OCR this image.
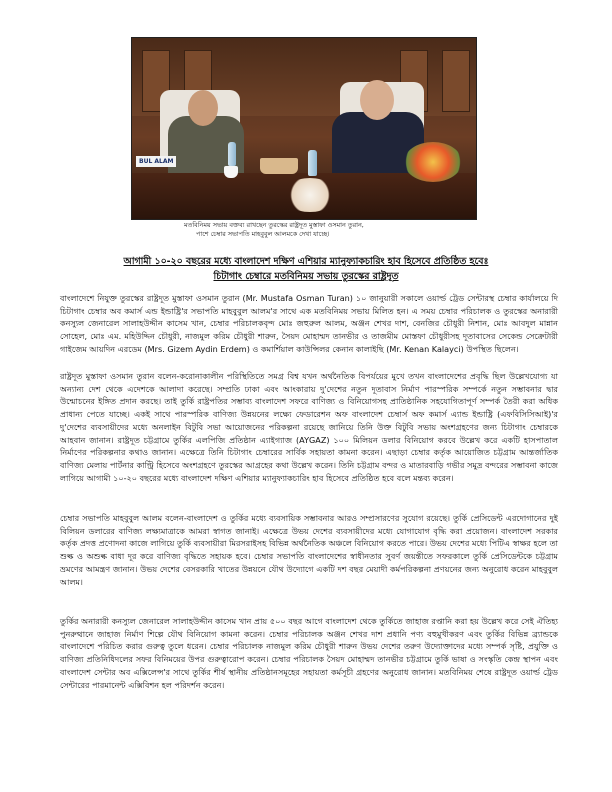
BUL ALAM
মতবিনিময় সভায় বক্তব্য রাখছেন তুরস্কের রাষ্ট্রদূত মুস্তাফা ওসমান তুরান,
পাশে চেম্বার সভাপতি মাহবুবুল আলমকে দেখা যাচ্ছে।
আগামী ১০-২০ বছরের মধ্যে বাংলাদেশ দক্ষিণ এশিয়ার ম্যানুফ্যাকচারিং হাব হিসেবে প্রতিষ্ঠিত হবেঃ
চিটাগাং চেম্বারে মতবিনিময় সভায় তুরস্কের রাষ্ট্রদূত
বাংলাদেশে নিযুক্ত তুরস্কের রাষ্ট্রদূত মুস্তাফা ওসমান তুরান (Mr. Mustafa Osman Turan) ১০ জানুয়ারী সকালে ওয়ার্ল্ড ট্রেড সেন্টারস্থ চেম্বার কার্যালয়ে দি চিটাগাং চেম্বার অব কমার্স এন্ড ইন্ডাষ্ট্রি'র সভাপতি মাহবুবুল আলম'র সাথে এক মতবিনিময় সভায় মিলিত হন। এ সময় চেম্বার পরিচালক ও তুরস্কের অনারারী কনস্যুল জেনারেল সালাহউদ্দীন কাসেম খান, চেম্বার পরিচালকবৃন্দ মোঃ জহুরুল আলম, অঞ্জন শেখর দাশ, বেনজির চৌধুরী নিশান, মোঃ আবদুল মান্নান সোহেল, মোঃ এম. মহিউদ্দিন চৌধুরী, নাজমুল করিম চৌধুরী শারুন, সৈয়দ মোহাম্মদ তানভীর ও তাজমীম মোস্তফা চৌধুরীসহ দূতাবাসের সেকেন্ড সেক্রেটারী গাইজেম আয়দিন এরডেম (Mrs. Gizem Aydin Erdem) ও কমার্শিয়াল কাউন্সিলর কেনান কালাইছি (Mr. Kenan Kalayci) উপস্থিত ছিলেন।
রাষ্ট্রদূত মুস্তাফা ওসমান তুরান বলেন-করোনাকালীন পরিস্থিতিতে সমগ্র বিশ্ব যখন অর্থনৈতিক বিপর্যয়ের মুখে তখন বাংলাদেশের প্রবৃদ্ধি ছিল উল্লেখযোগ্য যা অন্যান্য দেশ থেকে এদেশকে আলাদা করেছে। সম্প্রতি ঢাকা এবং আংকারায় দু'দেশের নতুন দূতাবাস নির্মাণ পারস্পরিক সম্পর্কে নতুন সম্ভাবনার দ্বার উন্মোচনের ইঙ্গিত প্রদান করছে। তাই তুর্কি রাষ্ট্রপতির সম্ভাব্য বাংলাদেশ সফরে বাণিজ্য ও বিনিয়োগসহ প্রাতিষ্ঠানিক সহযোগিতাপূর্ণ সম্পর্ক তৈরী করা অধিক প্রাধান্য পেতে যাচ্ছে। একই সাথে পারস্পরিক বাণিজ্য উন্নয়নের লক্ষ্যে ফেডারেশন অফ বাংলাদেশ চেম্বার্স অফ কমার্স এ্যান্ড ইন্ডাষ্ট্রি (এফবিসিসিআই)'র দু'দেশের ব্যবসায়ীদের মধ্যে অনলাইন বিটুবি সভা আয়োজনের পরিকল্পনা রয়েছে জানিয়ে তিনি উক্ত বিটুবি সভায় অংশগ্রহণের জন্য চিটাগাং চেম্বারকে আহবান জানান। রাষ্ট্রদূত চট্টগ্রামে তুর্কির এলপিজি প্রতিষ্ঠান এ্যাইগ্যাজ (AYGAZ) ১০০ মিলিয়ন ডলার বিনিয়োগ করবে উল্লেখ করে একটি হাসপাতাল নির্মাণের পরিকল্পনার কথাও জানান। এক্ষেত্রে তিনি চিটাগাং চেম্বারের সার্বিক সহায়তা কামনা করেন। এছাড়া চেম্বার কর্তৃক আয়োজিত চট্টগ্রাম আন্তর্জাতিক বাণিজ্য মেলায় পার্টনার কান্ট্রি হিসেবে অংশগ্রহণে তুরস্কের আগ্রহের কথা উল্লেখ করেন। তিনি চট্টগ্রাম বন্দর ও মাতারবাড়ি গভীর সমুদ্র বন্দরের সম্ভাবনা কাজে লাগিয়ে আগামী ১০-২০ বছরের মধ্যে বাংলাদেশ দক্ষিণ এশিয়ার ম্যানুফ্যাকচারিং হাব হিসেবে প্রতিষ্ঠিত হবে বলে মন্তব্য করেন।
চেম্বার সভাপতি মাহবুবুল আলম বলেন-বাংলাদেশ ও তুর্কির মধ্যে ব্যবসায়িক সম্ভাবনার আরও সম্প্রসারণের সুযোগ রয়েছে। তুর্কি প্রেসিডেন্ট এরদোগানের দুই বিলিয়ন ডলারের বাণিজ্য লক্ষ্যমাত্রাকে আমরা স্বাগত জানাই। এক্ষেত্রে উভয় দেশের ব্যবসায়ীদের মধ্যে যোগাযোগ বৃদ্ধি করা প্রয়োজন। বাংলাদেশ সরকার কর্তৃক প্রদত্ত প্রণোদনা কাজে লাগিয়ে তুর্কি ব্যবসায়ীরা মিরসরাইসহ বিভিন্ন অর্থনৈতিক অঞ্চলে বিনিয়োগ করতে পারে। উভয় দেশের মধ্যে পিটিএ স্বাক্ষর হলে তা শুল্ক ও অশুল্ক বাধা দূর করে বাণিজ্য বৃদ্ধিতে সহায়ক হবে। চেম্বার সভাপতি বাংলাদেশের স্বাধীনতার সুবর্ণ জয়ন্তীতে সফরকালে তুর্কি প্রেসিডেন্টকে চট্টগ্রাম ভ্রমণের আমন্ত্রণ জানান। উভয় দেশের বেসরকারি খাতের উন্নয়নে যৌথ উদ্যোগে একটি দশ বছর মেয়াদী কর্মপরিকল্পনা প্রণয়নের জন্য অনুরোধ করেন মাহবুবুল আলম।
তুর্কির অনারারী কনস্যুল জেনারেল সালাহউদ্দীন কাসেম খান প্রায় ৫০০ বছর আগে বাংলাদেশ থেকে তুর্কিতে জাহাজ রপ্তানি করা হয় উল্লেখ করে সেই ঐতিহ্য পুনরুত্থানে জাহাজ নির্মাণ শিল্পে যৌথ বিনিয়োগ কামনা করেন। চেম্বার পরিচালক অঞ্জন শেখর দাশ প্রধানি পণ্য বহুমুখীকরণ এবং তুর্কির বিভিন্ন ব্র্যান্ডকে বাংলাদেশে পরিচিত করার গুরুত্ব তুলে ধরেন। চেম্বার পরিচালক নাজমুল করিম চৌধুরী শারুন উভয় দেশের তরুণ উদ্যোক্তাদের মধ্যে সম্পর্ক সৃষ্টি, প্রযুক্তি ও বাণিজ্য প্রতিনিধিদলের সফর বিনিময়ের উপর গুরুত্বারোপ করেন। চেম্বার পরিচালক সৈয়দ মোহাম্মদ তানভীর চট্টগ্রামে তুর্কি ভাষা ও সংস্কৃতি কেন্দ্র স্থাপন এবং বাংলাদেশ সেন্টার অব এক্সিলেন্স'র সাথে তুর্কির শীর্ষ স্থানীয় প্রতিষ্ঠানসমূহের সহায়তা কর্মসূচী গ্রহণের অনুরোধ জানান। মতবিনিময় শেষে রাষ্ট্রদূত ওয়ার্ল্ড ট্রেড সেন্টারের পারমানেন্ট এক্সিবিশন হল পরিদর্শন করেন।
